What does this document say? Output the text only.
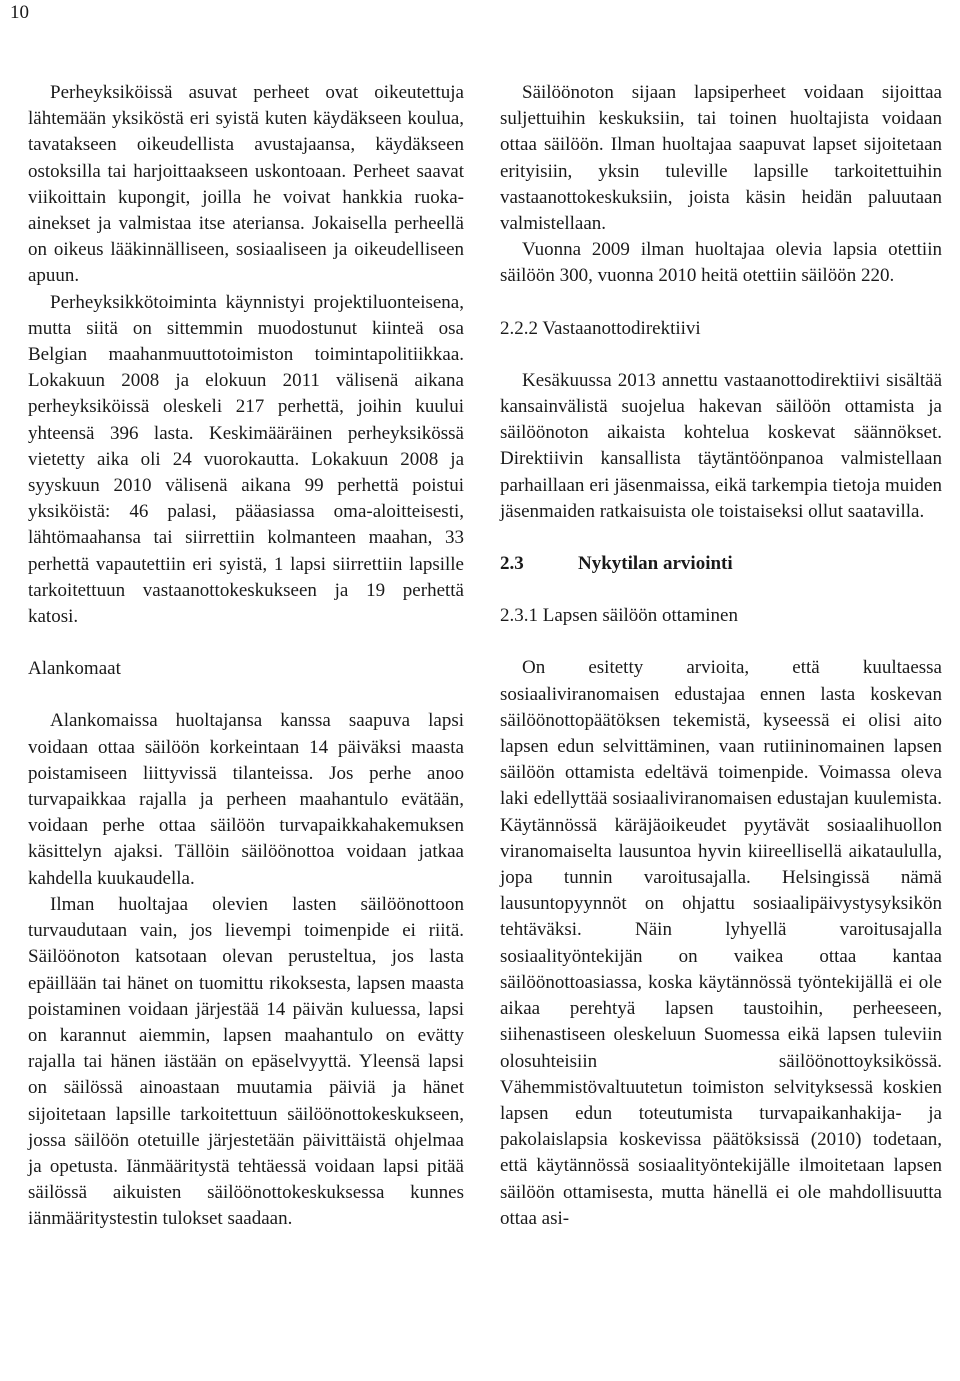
10

Perheyksiköissä asuvat perheet ovat oikeutettuja lähtemään yksiköstä eri syistä kuten käydäkseen koulua, tavatakseen oikeudellista avustajaansa, käydäkseen ostoksilla tai harjoittaakseen uskontoaan. Perheet saavat viikoittain kupongit, joilla he voivat hankkia ruoka-ainekset ja valmistaa itse ateriansa. Jokaisella perheellä on oikeus lääkinnälliseen, sosiaaliseen ja oikeudelliseen apuun.

Perheyksikkötoiminta käynnistyi projektiluonteisena, mutta siitä on sittemmin muodostunut kiinteä osa Belgian maahanmuuttotoimiston toimintapolitiikkaa. Lokakuun 2008 ja elokuun 2011 välisenä aikana perheyksiköissä oleskeli 217 perhettä, joihin kuului yhteensä 396 lasta. Keskimääräinen perheyksikössä vietetty aika oli 24 vuorokautta. Lokakuun 2008 ja syyskuun 2010 välisenä aikana 99 perhettä poistui yksiköistä: 46 palasi, pääasiassa oma-aloitteisesti, lähtömaahansa tai siirrettiin kolmanteen maahan, 33 perhettä vapautettiin eri syistä, 1 lapsi siirrettiin lapsille tarkoitettuun vastaanottokeskukseen ja 19 perhettä katosi.

Alankomaat

Alankomaissa huoltajansa kanssa saapuva lapsi voidaan ottaa säilöön korkeintaan 14 päiväksi maasta poistamiseen liittyvissä tilanteissa. Jos perhe anoo turvapaikkaa rajalla ja perheen maahantulo evätään, voidaan perhe ottaa säilöön turvapaikkahakemuksen käsittelyn ajaksi. Tällöin säilöönottoa voidaan jatkaa kahdella kuukaudella.

Ilman huoltajaa olevien lasten säilöönottoon turvaudutaan vain, jos lievempi toimenpide ei riitä. Säilöönoton katsotaan olevan perusteltua, jos lasta epäillään tai hänet on tuomittu rikoksesta, lapsen maasta poistaminen voidaan järjestää 14 päivän kuluessa, lapsi on karannut aiemmin, lapsen maahantulo on evätty rajalla tai hänen iästään on epäselvyyttä. Yleensä lapsi on säilössä ainoastaan muutamia päiviä ja hänet sijoitetaan lapsille tarkoitettuun säilöönottokeskukseen, jossa säilöön otetuille järjestetään päivittäistä ohjelmaa ja opetusta. Iänmääritystä tehtäessä voidaan lapsi pitää säilössä aikuisten säilöönottokeskuksessa kunnes iänmääritystestin tulokset saadaan.

Säilöönoton sijaan lapsiperheet voidaan sijoittaa suljettuihin keskuksiin, tai toinen huoltajista voidaan ottaa säilöön. Ilman huoltajaa saapuvat lapset sijoitetaan erityisiin, yksin tuleville lapsille tarkoitettuihin vastaanottokeskuksiin, joista käsin heidän paluutaan valmistellaan.

Vuonna 2009 ilman huoltajaa olevia lapsia otettiin säilöön 300, vuonna 2010 heitä otettiin säilöön 220.

2.2.2 Vastaanottodirektiivi

Kesäkuussa 2013 annettu vastaanottodirektiivi sisältää kansainvälistä suojelua hakevan säilöön ottamista ja säilöönoton aikaista kohtelua koskevat säännökset. Direktiivin kansallista täytäntöönpanoa valmistellaan parhaillaan eri jäsenmaissa, eikä tarkempia tietoja muiden jäsenmaiden ratkaisuista ole toistaiseksi ollut saatavilla.

2.3	Nykytilan arviointi
2.3.1 Lapsen säilöön ottaminen

On esitetty arvioita, että kuultaessa sosiaaliviranomaisen edustajaa ennen lasta koskevan säilöönottopäätöksen tekemistä, kyseessä ei olisi aito lapsen edun selvittäminen, vaan rutiininomainen lapsen säilöön ottamista edeltävä toimenpide. Voimassa oleva laki edellyttää sosiaaliviranomaisen edustajan kuulemista. Käytännössä käräjäoikeudet pyytävät sosiaalihuollon viranomaiselta lausuntoa hyvin kiireellisellä aikataululla, jopa tunnin varoitusajalla. Helsingissä nämä lausuntopyynnöt on ohjattu sosiaalipäivystysyksikön tehtäväksi. Näin lyhyellä varoitusajalla sosiaalityöntekijän on vaikea ottaa kantaa säilöönottoasiassa, koska käytännössä työntekijällä ei ole aikaa perehtyä lapsen taustoihin, perheeseen, siihenastiseen oleskeluun Suomessa eikä lapsen tuleviin olosuhteisiin säilöönottoyksikössä. Vähemmistövaltuutetun toimiston selvityksessä koskien lapsen edun toteutumista turvapaikanhakija- ja pakolaislapsia koskevissa päätöksissä (2010) todetaan, että käytännössä sosiaalityöntekijälle ilmoitetaan lapsen säilöön ottamisesta, mutta hänellä ei ole mahdollisuutta ottaa asi-
